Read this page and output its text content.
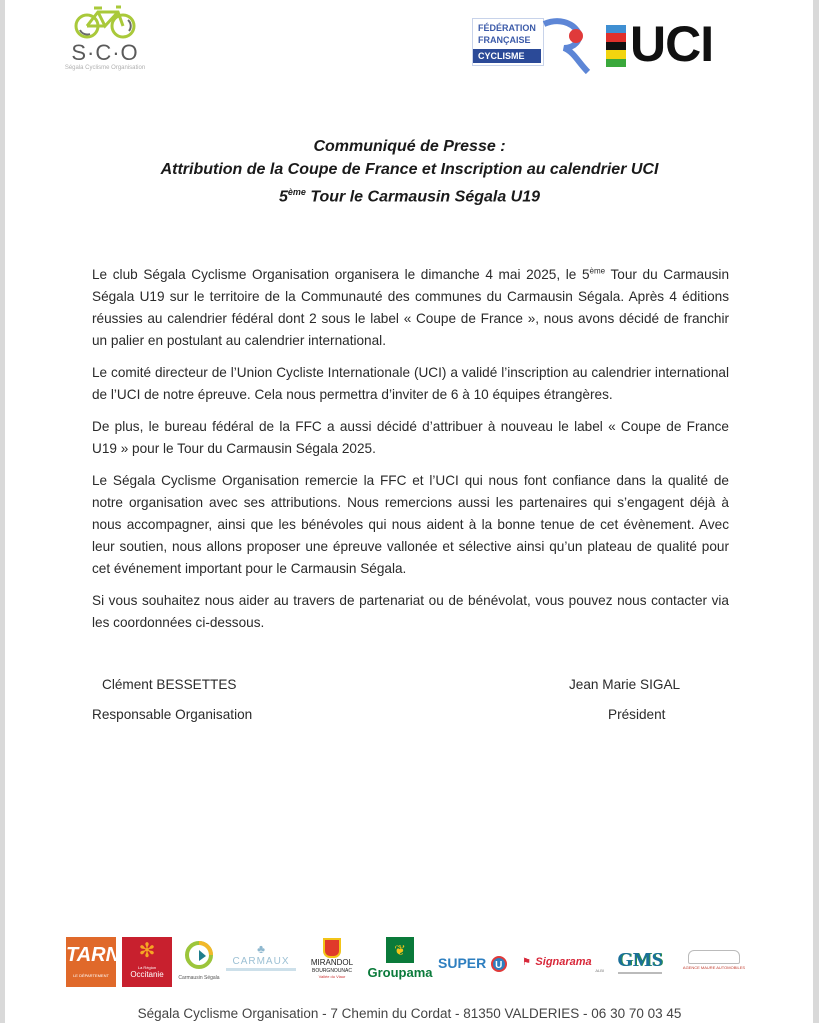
S·C·O
Ségala Cyclisme Organisation
FÉDÉRATION
FRANÇAISE
CYCLISME	UCI
Communiqué de Presse :
Attribution de la Coupe de France et Inscription au calendrier UCI
5ème Tour le Carmausin Ségala U19

Le club Ségala Cyclisme Organisation organisera le dimanche 4 mai 2025, le 5ème Tour du Carmausin Ségala U19 sur le territoire de la Communauté des communes du Carmausin Ségala. Après 4 éditions réussies au calendrier fédéral dont 2 sous le label « Coupe de France », nous avons décidé de franchir un palier en postulant au calendrier international.

Le comité directeur de l’Union Cycliste Internationale (UCI) a validé l’inscription au calendrier international de l’UCI de notre épreuve. Cela nous permettra d’inviter de 6 à 10 équipes étrangères.

De plus, le bureau fédéral de la FFC a aussi décidé d’attribuer à nouveau le label « Coupe de France U19 » pour le Tour du Carmausin Ségala 2025.

Le Ségala Cyclisme Organisation remercie la FFC et l’UCI qui nous font confiance dans la qualité de notre organisation avec ses attributions. Nous remercions aussi les partenaires qui s’engagent déjà à nous accompagner, ainsi que les bénévoles qui nous aident à la bonne tenue de cet évènement. Avec leur soutien, nous allons proposer une épreuve vallonée et sélective ainsi qu’un plateau de qualité pour cet événement important pour le Carmausin Ségala.

Si vous souhaitez nous aider au travers de partenariat ou de bénévolat, vous pouvez nous contacter via les coordonnées ci-dessous.

Clément BESSETTES
Responsable Organisation
Jean Marie SIGAL
Président
TARN
LE DÉPARTEMENT
✻
La Région
Occitanie	Carmausin Ségala
♣
CARMAUX	MIRANDOL
BOURGNOUNAC
Vallée du Viaur
❦
Groupama
SUPER U	⚑ Signarama
ALBI GMS	AGENCE MAURE AUTOMOBILES
Ségala Cyclisme Organisation - 7 Chemin du Cordat - 81350 VALDERIES - 06 30 70 03 45
